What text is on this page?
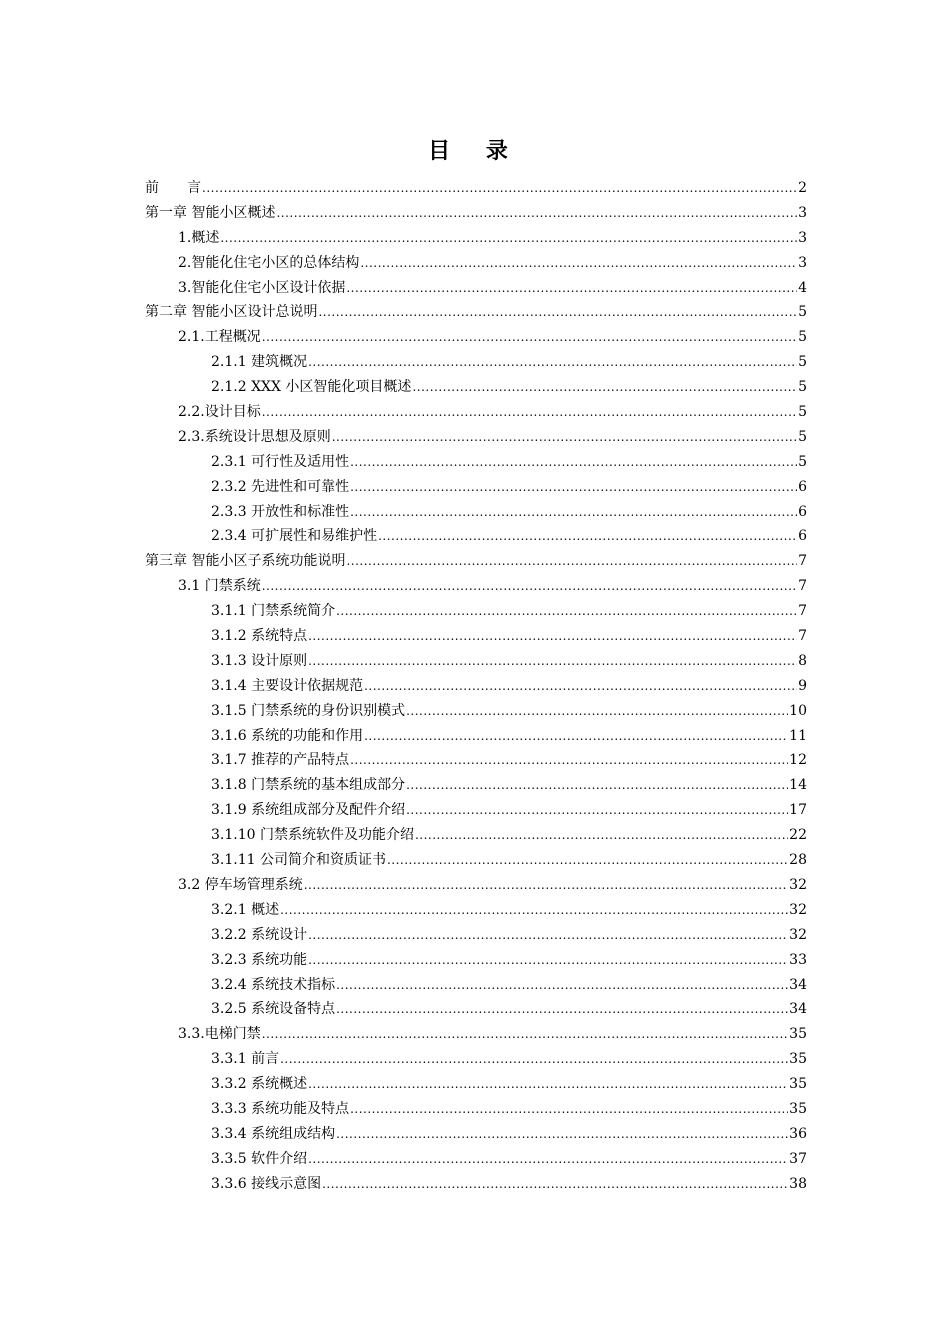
目 录
前　　言 .....	2
第一章 智能小区概述 .....	3
1.概述 .....	3
2.智能化住宅小区的总体结构 .....	3
3.智能化住宅小区设计依据 .....	4
第二章 智能小区设计总说明 .....	5
2.1.工程概况 .....	5
2.1.1 建筑概况 .....	5
2.1.2 XXX 小区智能化项目概述 .....	5
2.2.设计目标 .....	5
2.3.系统设计思想及原则 .....	5
2.3.1 可行性及适用性 .....	5
2.3.2 先进性和可靠性 .....	6
2.3.3 开放性和标准性 .....	6
2.3.4 可扩展性和易维护性 .....	6
第三章 智能小区子系统功能说明 .....	7
3.1 门禁系统 .....	7
3.1.1 门禁系统简介 .....	7
3.1.2 系统特点 .....	7
3.1.3 设计原则 .....	8
3.1.4 主要设计依据规范 .....	9
3.1.5 门禁系统的身份识别模式 .....	10
3.1.6 系统的功能和作用 .....	11
3.1.7 推荐的产品特点 .....	12
3.1.8 门禁系统的基本组成部分 .....	14
3.1.9 系统组成部分及配件介绍 .....	17
3.1.10 门禁系统软件及功能介绍 .....	22
3.1.11 公司简介和资质证书 .....	28
3.2 停车场管理系统 .....	32
3.2.1 概述 .....	32
3.2.2 系统设计 .....	32
3.2.3 系统功能 .....	33
3.2.4 系统技术指标 .....	34
3.2.5 系统设备特点 .....	34
3.3.电梯门禁 .....	35
3.3.1 前言 .....	35
3.3.2 系统概述 .....	35
3.3.3 系统功能及特点 .....	35
3.3.4 系统组成结构 .....	36
3.3.5 软件介绍 .....	37
3.3.6 接线示意图 .....	38
